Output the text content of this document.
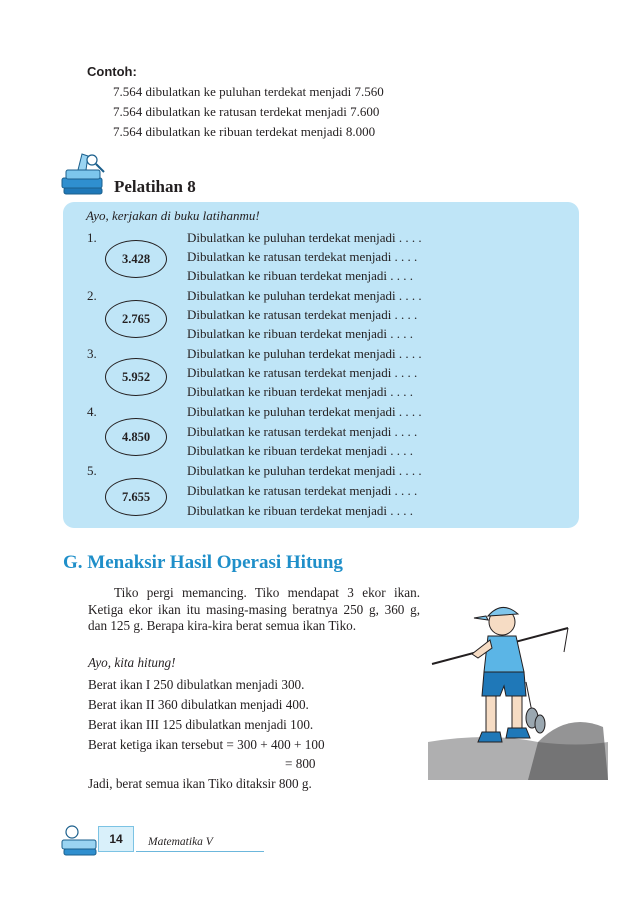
Contoh:
7.564 dibulatkan ke puluhan terdekat menjadi 7.560
7.564 dibulatkan ke ratusan terdekat menjadi 7.600
7.564 dibulatkan ke ribuan terdekat menjadi 8.000
Pelatihan 8
Ayo, kerjakan di buku latihanmu!
1.
3.428
Dibulatkan ke puluhan terdekat menjadi . . . .
Dibulatkan ke ratusan terdekat menjadi . . . .
Dibulatkan ke ribuan terdekat menjadi . . . .
2.
2.765
Dibulatkan ke puluhan terdekat menjadi . . . .
Dibulatkan ke ratusan terdekat menjadi . . . .
Dibulatkan ke ribuan terdekat menjadi . . . .
3.
5.952
Dibulatkan ke puluhan terdekat menjadi . . . .
Dibulatkan ke ratusan terdekat menjadi . . . .
Dibulatkan ke ribuan terdekat menjadi . . . .
4.
4.850
Dibulatkan ke puluhan terdekat menjadi . . . .
Dibulatkan ke ratusan terdekat menjadi . . . .
Dibulatkan ke ribuan terdekat menjadi . . . .
5.
7.655
Dibulatkan ke puluhan terdekat menjadi . . . .
Dibulatkan ke ratusan terdekat menjadi . . . .
Dibulatkan ke ribuan terdekat menjadi . . . .
G. Menaksir Hasil Operasi Hitung

Tiko pergi memancing. Tiko mendapat 3 ekor ikan. Ketiga ekor ikan itu masing-masing beratnya 250 g, 360 g, dan 125 g. Berapa kira-kira berat semua ikan Tiko.

Ayo, kita hitung!
Berat ikan I 250 dibulatkan menjadi 300.
Berat ikan II 360 dibulatkan menjadi 400.
Berat ikan III 125 dibulatkan menjadi 100.
Berat ketiga ikan tersebut = 300 + 400 + 100
= 800
Jadi, berat semua ikan Tiko ditaksir 800 g.
14	Matematika V
